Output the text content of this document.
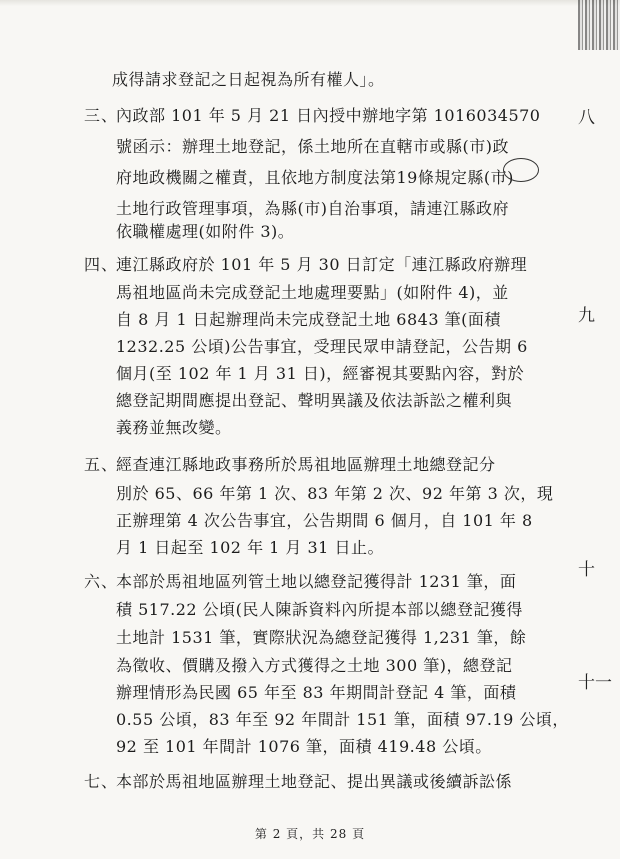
成得請求登記之日起視為所有權人」。
三、
內政部 101 年 5 月 21 日內授中辦地字第 1016034570
號函示：辦理土地登記，係土地所在直轄市或縣(市)政
府地政機關之權責，且依地方制度法第19條規定縣(市)
土地行政管理事項，為縣(市)自治事項，請連江縣政府
依職權處理(如附件 3)。
四、
連江縣政府於 101 年 5 月 30 日訂定「連江縣政府辦理
馬祖地區尚未完成登記土地處理要點」(如附件 4)，並
自 8 月 1 日起辦理尚未完成登記土地 6843 筆(面積
1232.25 公頃)公告事宜，受理民眾申請登記，公告期 6
個月(至 102 年 1 月 31 日)，經審視其要點內容，對於
總登記期間應提出登記、聲明異議及依法訴訟之權利與
義務並無改變。
五、
經查連江縣地政事務所於馬祖地區辦理土地總登記分
別於 65、66 年第 1 次、83 年第 2 次、92 年第 3 次，現
正辦理第 4 次公告事宜，公告期間 6 個月，自 101 年 8
月 1 日起至 102 年 1 月 31 日止。
六、
本部於馬祖地區列管土地以總登記獲得計 1231 筆，面
積 517.22 公頃(民人陳訴資料內所提本部以總登記獲得
土地計 1531 筆，實際狀況為總登記獲得 1,231 筆，餘
為徵收、價購及撥入方式獲得之土地 300 筆)，總登記
辦理情形為民國 65 年至 83 年期間計登記 4 筆，面積
0.55 公頃，83 年至 92 年間計 151 筆，面積 97.19 公頃，
92 至 101 年間計 1076 筆，面積 419.48 公頃。
七、
本部於馬祖地區辦理土地登記、提出異議或後續訴訟係
八
九
十
十一
第 2 頁，共 28 頁
